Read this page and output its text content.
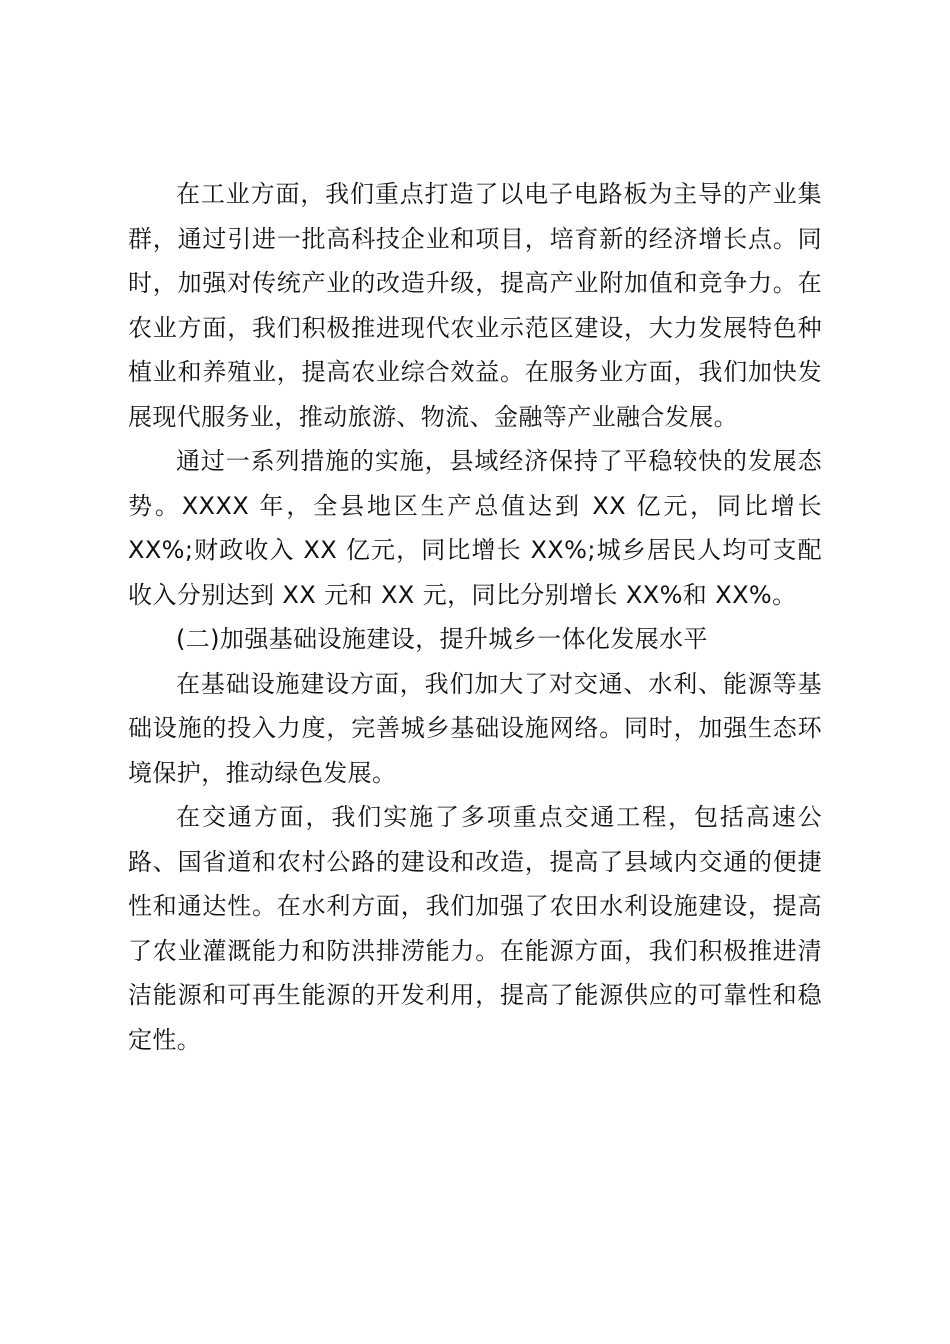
在工业方面，我们重点打造了以电子电路板为主导的产业集群，通过引进一批高科技企业和项目，培育新的经济增长点。同时，加强对传统产业的改造升级，提高产业附加值和竞争力。在农业方面，我们积极推进现代农业示范区建设，大力发展特色种植业和养殖业，提高农业综合效益。在服务业方面，我们加快发展现代服务业，推动旅游、物流、金融等产业融合发展。

通过一系列措施的实施，县域经济保持了平稳较快的发展态势。XXXX 年，全县地区生产总值达到 XX 亿元，同比增长XX%;财政收入 XX 亿元，同比增长 XX%;城乡居民人均可支配收入分别达到 XX 元和 XX 元，同比分别增长 XX%和 XX%。

(二)加强基础设施建设，提升城乡一体化发展水平

在基础设施建设方面，我们加大了对交通、水利、能源等基础设施的投入力度，完善城乡基础设施网络。同时，加强生态环境保护，推动绿色发展。

在交通方面，我们实施了多项重点交通工程，包括高速公路、国省道和农村公路的建设和改造，提高了县域内交通的便捷性和通达性。在水利方面，我们加强了农田水利设施建设，提高了农业灌溉能力和防洪排涝能力。在能源方面，我们积极推进清洁能源和可再生能源的开发利用，提高了能源供应的可靠性和稳定性。
